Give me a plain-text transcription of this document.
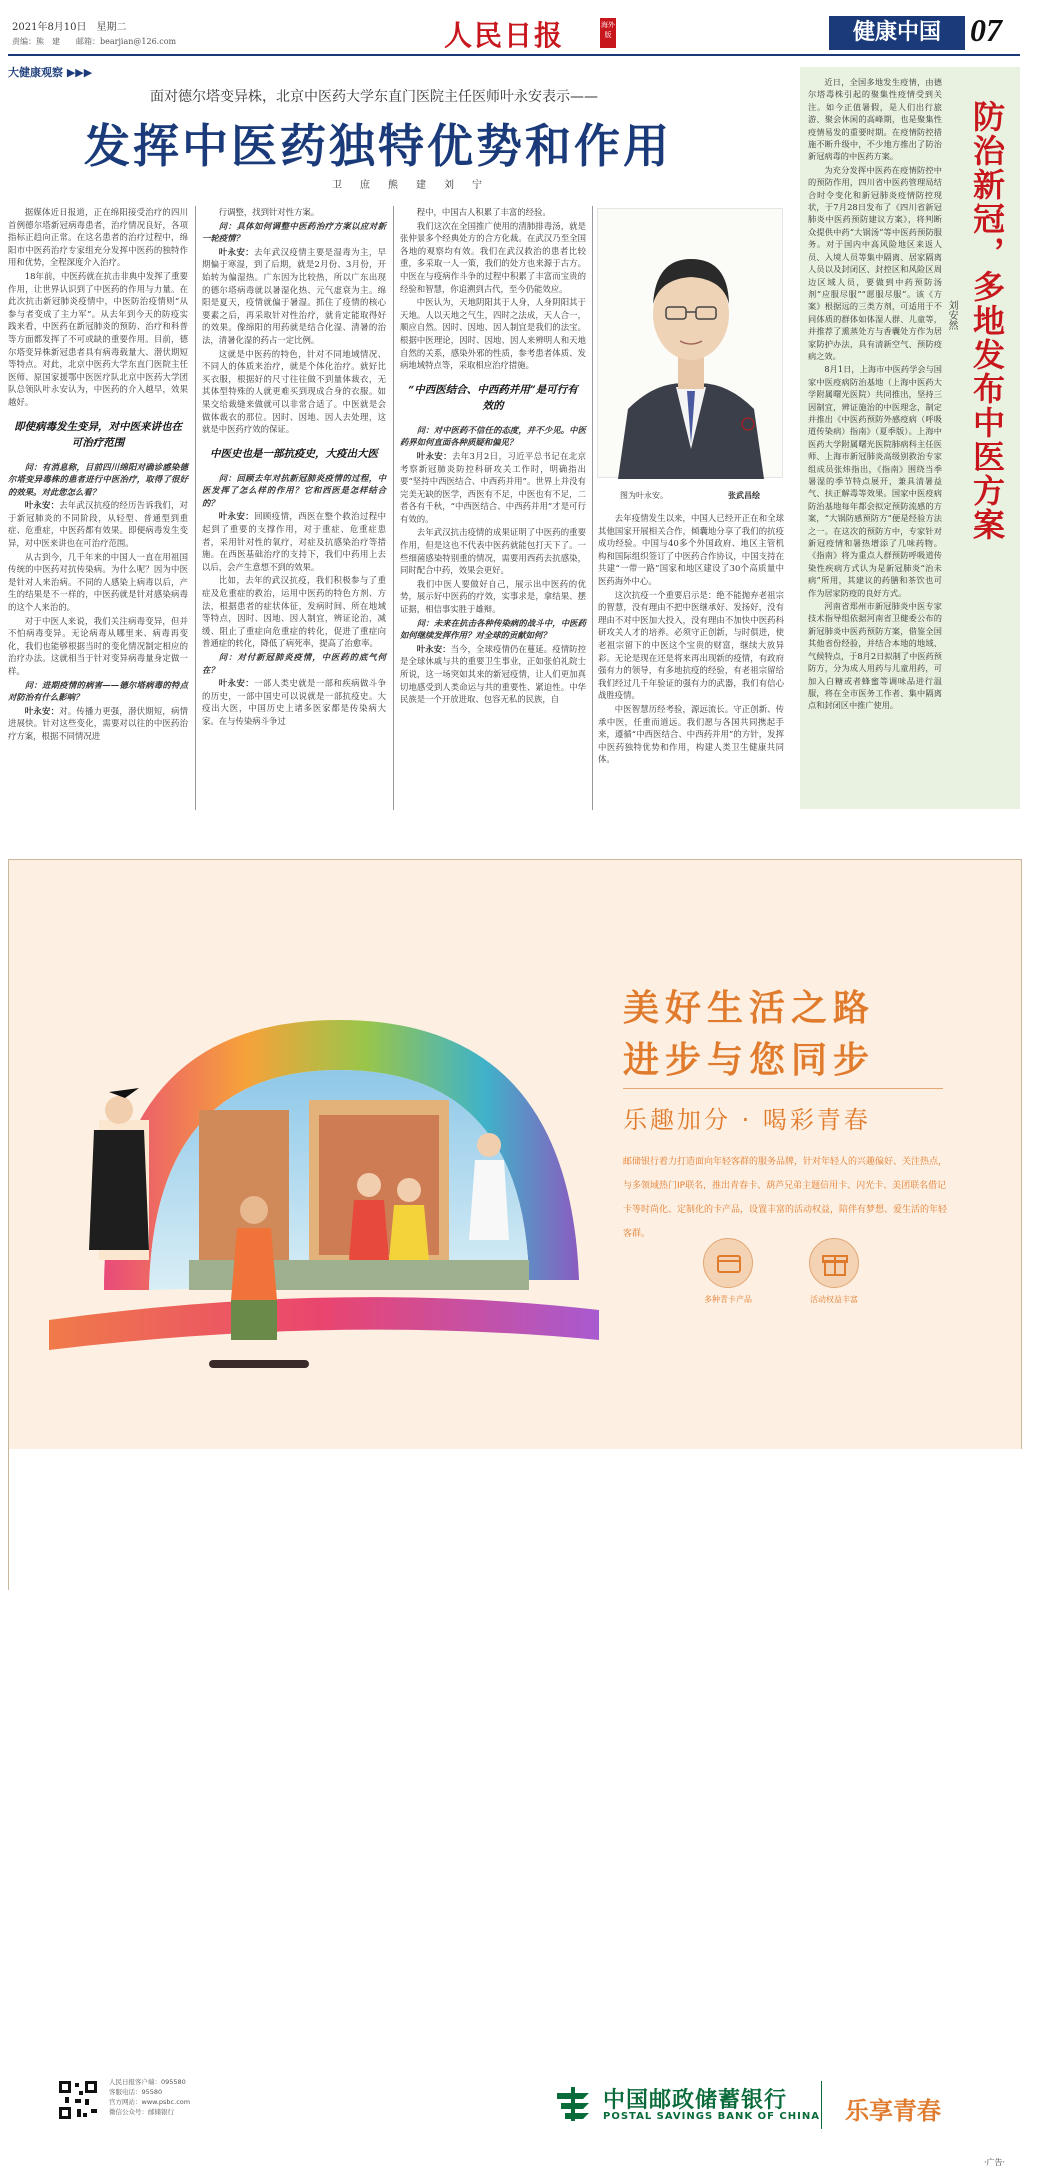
2021年8月10日　星期二
责编：熊　建　　邮箱：bearjian@126.com	人民日报	海外版	健康中国 07
大健康观察 ▶▶▶
面对德尔塔变异株，北京中医药大学东直门医院主任医师叶永安表示——
发挥中医药独特优势和作用
卫　庶　熊　建　刘　宁

据媒体近日报道，正在绵阳接受治疗的四川首例德尔塔新冠病毒患者，治疗情况良好，各项指标正趋向正常。在这名患者的治疗过程中，绵阳市中医药治疗专家组充分发挥中医药的独特作用和优势，全程深度介入治疗。

18年前，中医药就在抗击非典中发挥了重要作用，让世界认识到了中医药的作用与力量。在此次抗击新冠肺炎疫情中，中医防治疫情则“从参与者变成了主力军”。从去年到今天的防疫实践来看，中医药在新冠肺炎的预防、治疗和科普等方面都发挥了不可或缺的重要作用。目前，德尔塔变异株新冠患者具有病毒载量大、潜伏期短等特点。对此，北京中医药大学东直门医院主任医师、原国家援鄂中医医疗队北京中医药大学团队总领队叶永安认为，中医药的介入越早，效果越好。

即使病毒发生变异，对中医来讲也在可治疗范围

问：有消息称，目前四川绵阳对确诊感染德尔塔变异毒株的患者进行中医治疗，取得了很好的效果。对此您怎么看？

叶永安：去年武汉抗疫的经历告诉我们，对于新冠肺炎的不同阶段，从轻型、普通型到重症、危重症，中医药都有效果。即便病毒发生变异，对中医来讲也在可治疗范围。

从古到今，几千年来的中国人一直在用祖国传统的中医药对抗传染病。为什么呢？因为中医是针对人来治病。不同的人感染上病毒以后，产生的结果是不一样的，中医药就是针对感染病毒的这个人来治的。

对于中医人来说，我们关注病毒变异，但并不怕病毒变异。无论病毒从哪里来、病毒再变化，我们也能够根据当时的变化情况制定相应的治疗办法。这就相当于针对变异病毒量身定做一样。

问：进期疫情的病害——德尔塔病毒的特点对防治有什么影响？

叶永安：对。传播力更强，潜伏期短，病情进展快。针对这些变化，需要对以往的中医药治疗方案，根据不同情况进

行调整，找到针对性方案。

问：具体如何调整中医药治疗方案以应对新一轮疫情？

叶永安：去年武汉疫情主要是湿毒为主，早期偏于寒湿，到了后期，就是2月份、3月份，开始转为偏湿热。广东因为比较热，所以广东出现的德尔塔病毒就以暑湿化热、元气虚衰为主。绵阳是夏天，疫情就偏于暑湿。抓住了疫情的核心要素之后，再采取针对性治疗，就肯定能取得好的效果。像绵阳的用药就是结合化湿、清暑的治法，清暑化湿的药占一定比例。

这就是中医药的特色，针对不同地域情况、不同人的体质来治疗，就是个体化治疗。就好比买衣服，根据好的尺寸往往做不到量体裁衣，无其体型特殊的人就更难买到现成合身的衣服。如果交给裁缝来做就可以非常合适了。中医就是会做体裁衣的那位。因时、因地、因人去处理，这就是中医药疗效的保证。

中医史也是一部抗疫史，大疫出大医

问：回顾去年对抗新冠肺炎疫情的过程，中医发挥了怎么样的作用？它和西医是怎样结合的？

叶永安：回顾疫情，西医在整个救治过程中起到了重要的支撑作用，对于重症、危重症患者，采用针对性的氧疗，对症及抗感染治疗等措施。在西医基础治疗的支持下，我们中药用上去以后，会产生意想不到的效果。

比如，去年的武汉抗疫，我们积极参与了重症及危重症的救治，运用中医药的特色方剂、方法，根据患者的症状体征，发病时间、所在地域等特点，因时、因地、因人制宜，辨证论治，减缓、阻止了重症向危重症的转化，促进了重症向普通症的转化，降低了病死率，提高了治愈率。

问：对付新冠肺炎疫情，中医药的底气何在？

叶永安：一部人类史就是一部和疾病做斗争的历史，一部中国史可以说就是一部抗疫史。大疫出大医，中国历史上诸多医家都是传染病大家。在与传染病斗争过

程中，中国古人积累了丰富的经验。

我们这次在全国推广使用的清肺排毒汤，就是张仲景多个经典处方的合方化裁。在武汉乃至全国各地的观察均有效。我们在武汉救治的患者比较重，多采取一人一策，我们的处方也来源于古方。中医在与疫病作斗争的过程中积累了丰富而宝贵的经验和智慧，你追溯到古代，至今仍能效应。

中医认为，天地阴阳其于人身，人身阴阳其于天地。人以天地之气生，四时之法成，天人合一，顺应自然。因时、因地、因人制宜是我们的法宝。根据中医理论，因时、因地、因人来辨明人和天地自然的关系，感染外邪的性质，参考患者体质、发病地域特点等，采取相应治疗措施。

“中西医结合、中西药并用”是可行有效的

问：对中医药不信任的态度，并不少见。中医药界如何直面各种质疑和偏见？

叶永安：去年3月2日，习近平总书记在北京考察新冠肺炎防控科研攻关工作时，明确指出要“坚持中西医结合、中西药并用”。世界上并没有完美无缺的医学，西医有不足，中医也有不足，二者各有千秋，“中西医结合、中西药并用”才是可行有效的。

去年武汉抗击疫情的成果证明了中医药的重要作用，但是这也不代表中医药就能包打天下了。一些细菌感染特别重的情况，需要用西药去抗感染，同时配合中药，效果会更好。

我们中医人要做好自己，展示出中医药的优势，展示好中医药的疗效，实事求是，拿结果、摆证据，相信事实胜于雄辩。

问：未来在抗击各种传染病的战斗中，中医药如何继续发挥作用？对全球的贡献如何？

叶永安：当今，全球疫情仍在蔓延。疫情防控是全球休戚与共的重要卫生事业，正如张伯礼院士所说，这一场突如其来的新冠疫情，让人们更加真切地感受到人类命运与共的重要性、紧迫性。中华民族是一个开放进取、包容无私的民族，自

图为叶永安。	张武昌绘

去年疫情发生以来，中国人已经开正在和全球其他国家开展相关合作，倾囊地分享了我们的抗疫成功经验。中国与40多个外国政府、地区主管机构和国际组织签订了中医药合作协议，中国支持在共建“一带一路”国家和地区建设了30个高质量中医药海外中心。

这次抗疫一个重要启示是：绝不能抛弃老祖宗的智慧，没有理由不把中医继承好、发扬好，没有理由不对中医加大投入，没有理由不加快中医药科研攻关人才的培养。必须守正创新，与时俱进，使老祖宗留下的中医这个宝贵的财富，继续大放异彩。无论是现在还是将来再出现新的疫情，有政府强有力的领导，有多地抗疫的经验，有老祖宗留给我们经过几千年验证的强有力的武器，我们有信心战胜疫情。

中医智慧历经考验，源远流长。守正创新、传承中医，任重而道远。我们愿与各国共同携起手来，遵循“中西医结合、中西药并用”的方针，发挥中医药独特优势和作用，构建人类卫生健康共同体。

近日，全国多地发生疫情，由德尔塔毒株引起的聚集性疫情受到关注。如今正值暑假，是人们出行旅游、聚会休闲的高峰期，也是聚集性疫情易发的重要时期。在疫情防控措施不断升级中，不少地方推出了防治新冠病毒的中医药方案。

为充分发挥中医药在疫情防控中的预防作用，四川省中医药管理局结合时令变化和新冠肺炎疫情防控现状，于7月28日发布了《四川省新冠肺炎中医药预防建议方案》，将判断众提供中药“大锅汤”等中医药预防服务。对于国内中高风险地区来返人员、入境人员等集中隔离、居家隔离人员以及封闭区、封控区和风险区周边区域人员，要做到中药预防汤剂“应服尽服”“愿服尽服”。该《方案》根据远的三类方剂，可适用于不同体质的群体如体湿人群、儿童等，并推荐了熏蒸处方与香囊处方作为居家防护办法，具有清新空气、预防疫病之效。

8月1日，上海市中医药学会与国家中医疫病防治基地（上海中医药大学附属曙光医院）共同推出，坚持三因制宜，辨证施治的中医理念，制定并推出《中医药预防外感疫病（呼吸道传染病）指南》（夏季版）。上海中医药大学附属曙光医院肺病科主任医师、上海市新冠肺炎高级别救治专家组成员张炜指出，《指南》围绕当季暑湿的季节特点展开，兼具清暑益气、扶正解毒等效果。国家中医疫病防治基地每年都会拟定预防流感的方案，“大锅防感预防方”便是经验方法之一。在这次的预防方中，专家针对新冠疫情和暑热增添了几味药物。《指南》将为重点人群预防呼吸道传染性疾病方式认为是新冠肺炎“治未病”所用，其建议的药膳和茶饮也可作为居家防疫的良好方式。

河南省郑州市新冠肺炎中医专家技术指导组依据河南省卫健委公布的新冠肺炎中医药预防方案，借鉴全国其他省份经验，并结合本地的地域、气候特点，于8月2日拟制了中医药预防方，分为成人用药与儿童用药，可加入白糖或者蜂蜜等调味品进行温服，将在全市医务工作者、集中隔离点和封闭区中推广使用。

防治新冠，多地发布中医方案
刘安然
美好生活之路
进步与您同步
乐趣加分 · 喝彩青春
邮储银行着力打造面向年轻客群的服务品牌，针对年轻人的兴趣偏好、关注热点，与多领域热门IP联名，推出青春卡、葫芦兄弟主题信用卡、闪光卡、美团联名借记卡等时尚化、定制化的卡产品，设置丰富的活动权益，陪伴有梦想、爱生活的年轻客群。
多种青卡产品	活动权益丰富
人民日报客户端：095580
客服电话：95580
官方网站：www.psbc.com
微信公众号：邮储银行	中国邮政储蓄银行
POSTAL SAVINGS BANK OF CHINA 乐享青春
·广告·
